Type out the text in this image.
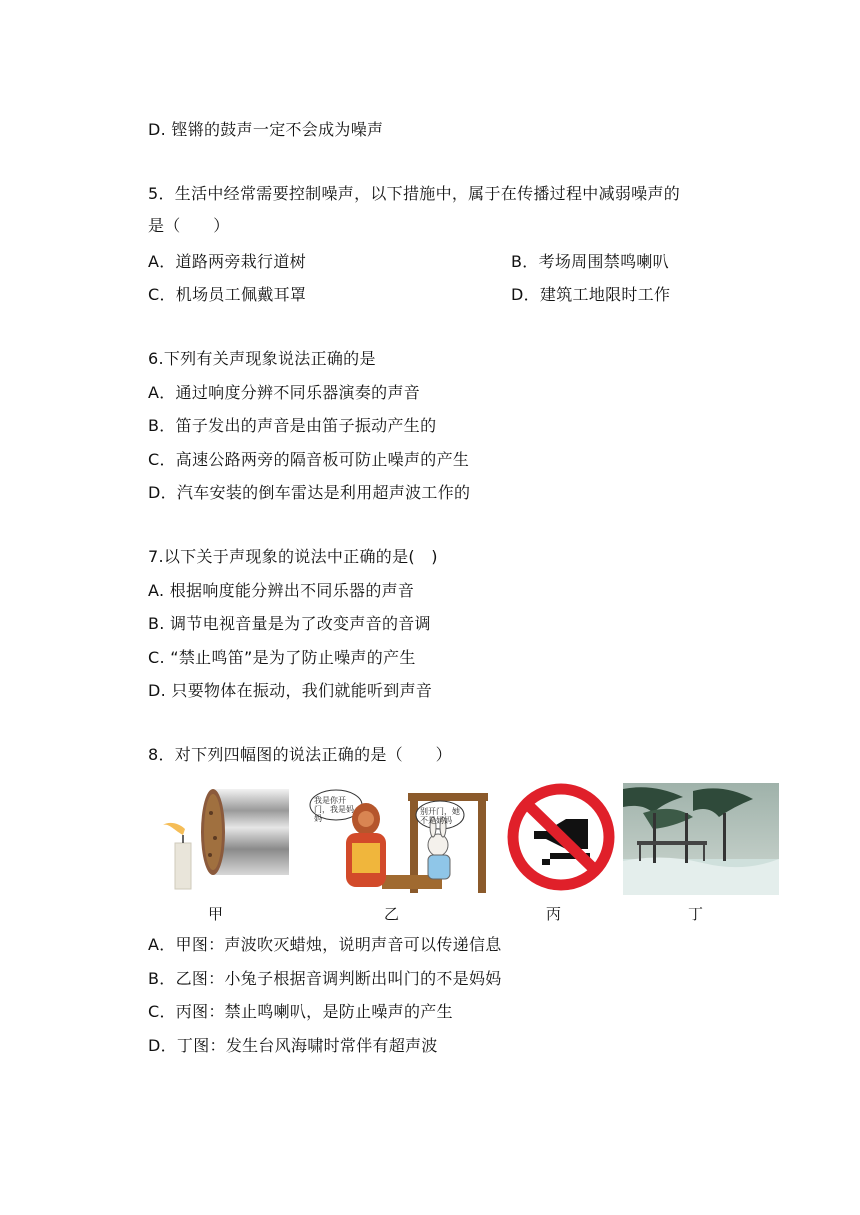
D. 铿锵的鼓声一定不会成为噪声
5．生活中经常需要控制噪声，以下措施中，属于在传播过程中减弱噪声的
是（　　）
A．道路两旁栽行道树	B．考场周围禁鸣喇叭
C．机场员工佩戴耳罩	D．建筑工地限时工作
6.下列有关声现象说法正确的是
A．通过响度分辨不同乐器演奏的声音
B．笛子发出的声音是由笛子振动产生的
C．高速公路两旁的隔音板可防止噪声的产生
D．汽车安装的倒车雷达是利用超声波工作的
7.以下关于声现象的说法中正确的是(　)
A. 根据响度能分辨出不同乐器的声音
B. 调节电视音量是为了改变声音的音调
C. “禁止鸣笛”是为了防止噪声的产生
D. 只要物体在振动，我们就能听到声音
8．对下列四幅图的说法正确的是（　　）
甲
我是你开门，我是妈妈
别开门，她不是妈妈
乙	丙	丁
A．甲图：声波吹灭蜡烛，说明声音可以传递信息
B．乙图：小兔子根据音调判断出叫门的不是妈妈
C．丙图：禁止鸣喇叭，是防止噪声的产生
D．丁图：发生台风海啸时常伴有超声波
